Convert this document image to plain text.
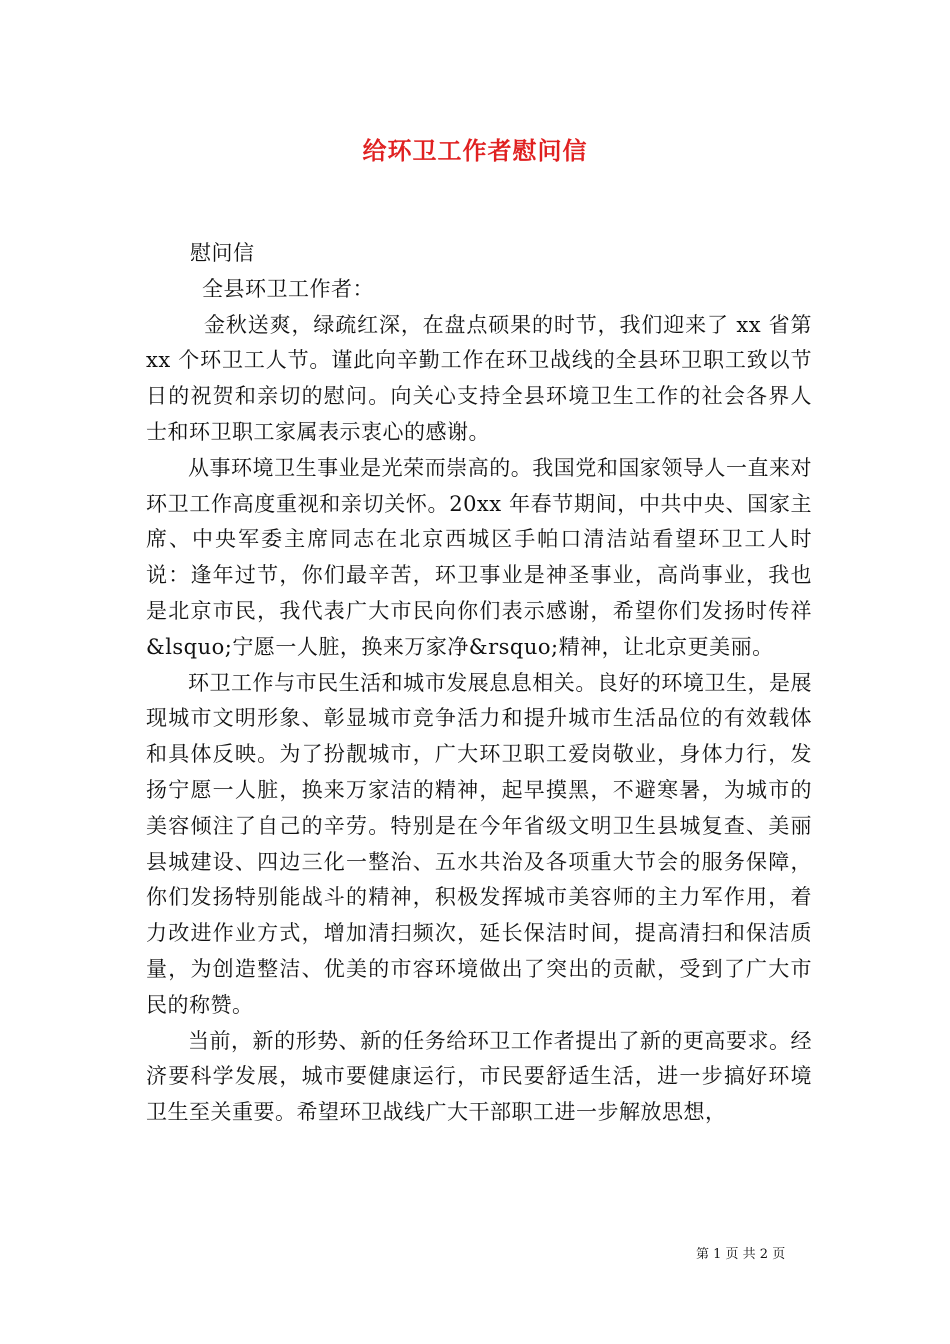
给环卫工作者慰问信

慰问信

全县环卫工作者：

金秋送爽，绿疏红深，在盘点硕果的时节，我们迎来了 xx 省第 xx 个环卫工人节。谨此向辛勤工作在环卫战线的全县环卫职工致以节日的祝贺和亲切的慰问。向关心支持全县环境卫生工作的社会各界人士和环卫职工家属表示衷心的感谢。

从事环境卫生事业是光荣而崇高的。我国党和国家领导人一直来对环卫工作高度重视和亲切关怀。20xx 年春节期间，中共中央、国家主席、中央军委主席同志在北京西城区手帕口清洁站看望环卫工人时说：逢年过节，你们最辛苦，环卫事业是神圣事业，高尚事业，我也是北京市民，我代表广大市民向你们表示感谢，希望你们发扬时传祥&lsquo;宁愿一人脏，换来万家净&rsquo;精神，让北京更美丽。

环卫工作与市民生活和城市发展息息相关。良好的环境卫生，是展现城市文明形象、彰显城市竞争活力和提升城市生活品位的有效载体和具体反映。为了扮靓城市，广大环卫职工爱岗敬业，身体力行，发扬宁愿一人脏，换来万家洁的精神，起早摸黑，不避寒暑，为城市的美容倾注了自己的辛劳。特别是在今年省级文明卫生县城复查、美丽县城建设、四边三化一整治、五水共治及各项重大节会的服务保障，你们发扬特别能战斗的精神，积极发挥城市美容师的主力军作用，着力改进作业方式，增加清扫频次，延长保洁时间，提高清扫和保洁质量，为创造整洁、优美的市容环境做出了突出的贡献，受到了广大市民的称赞。

当前，新的形势、新的任务给环卫工作者提出了新的更高要求。经济要科学发展，城市要健康运行，市民要舒适生活，进一步搞好环境卫生至关重要。希望环卫战线广大干部职工进一步解放思想，

第 1 页 共 2 页
